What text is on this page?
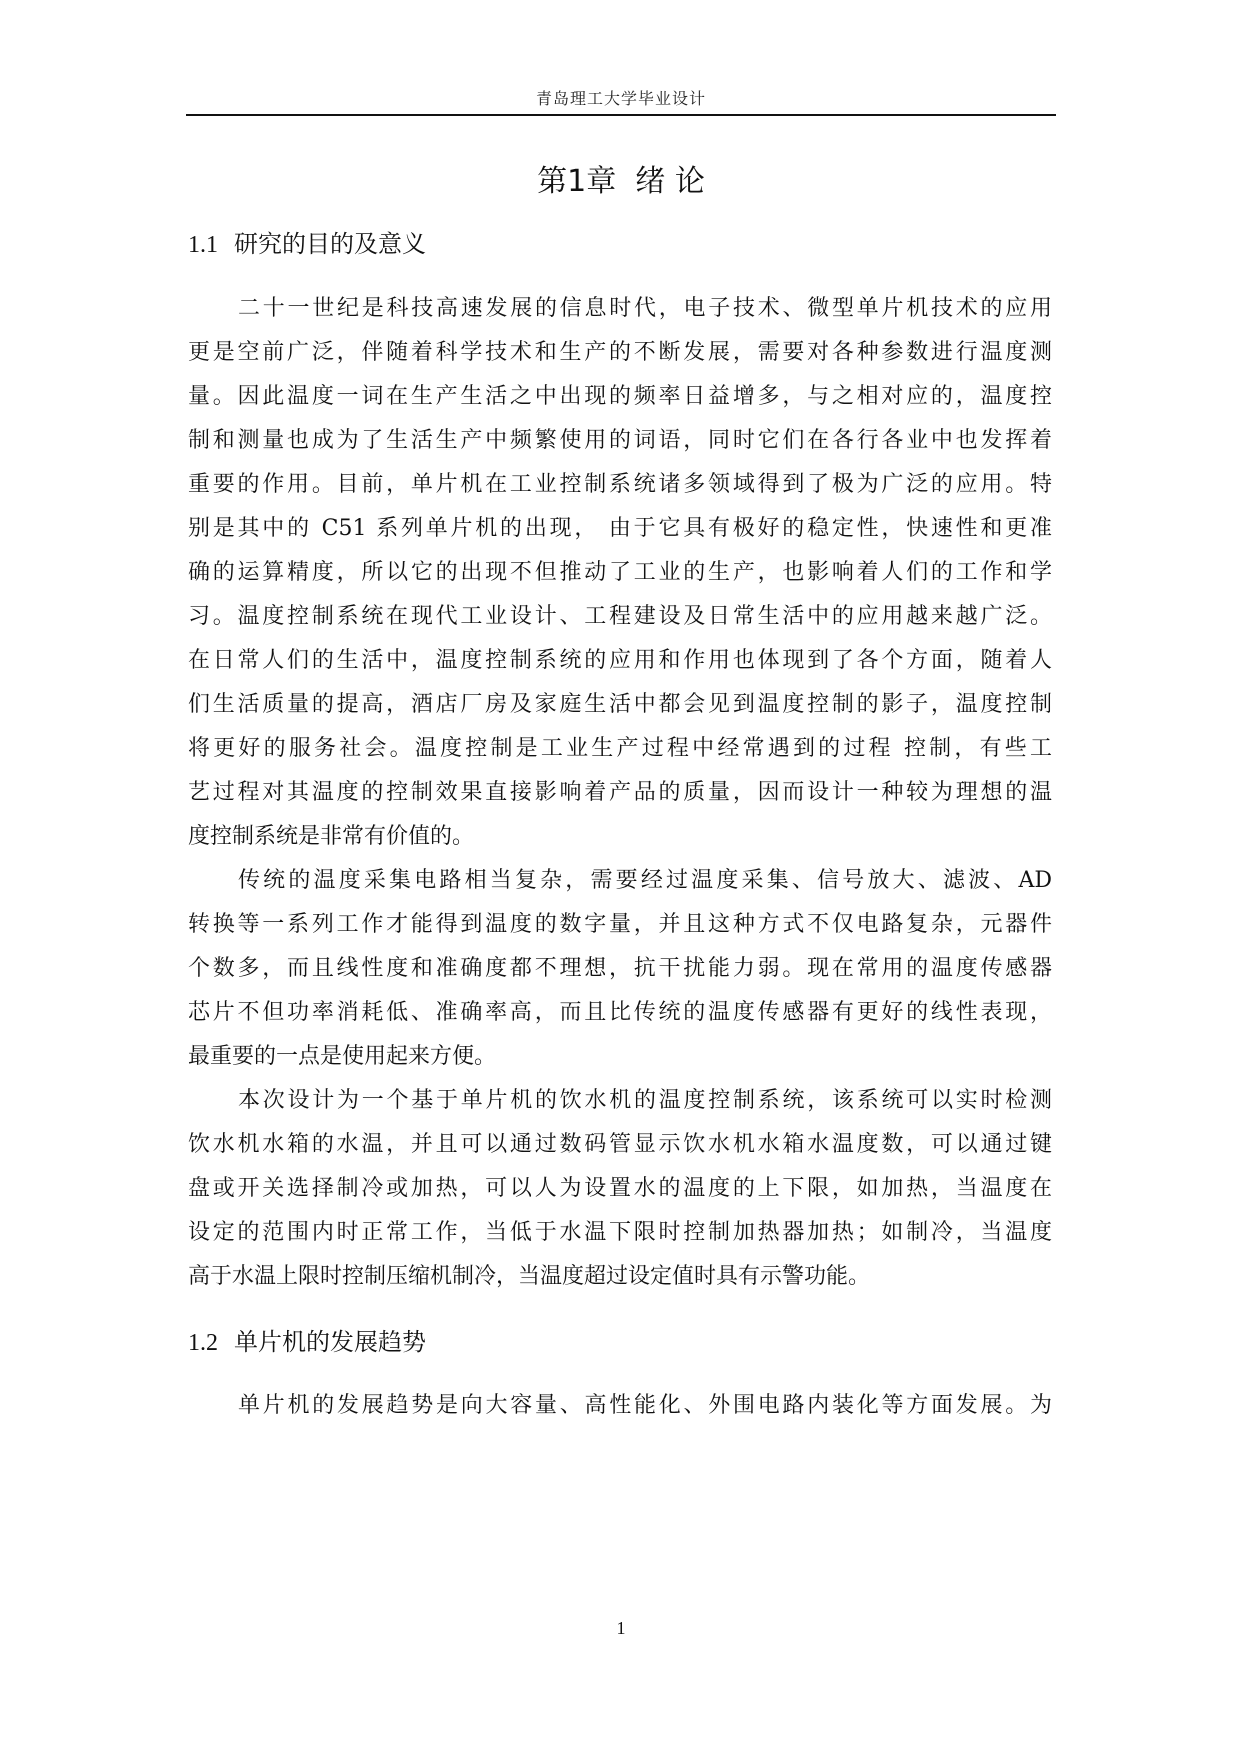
青岛理工大学毕业设计
第1章  绪 论
1.1 研究的目的及意义
二十一世纪是科技高速发展的信息时代，电子技术、微型单片机技术的应用
更是空前广泛，伴随着科学技术和生产的不断发展，需要对各种参数进行温度测
量。因此温度一词在生产生活之中出现的频率日益增多，与之相对应的，温度控
制和测量也成为了生活生产中频繁使用的词语，同时它们在各行各业中也发挥着
重要的作用。目前，单片机在工业控制系统诸多领域得到了极为广泛的应用。特
别是其中的 C51 系列单片机的出现， 由于它具有极好的稳定性，快速性和更准
确的运算精度，所以它的出现不但推动了工业的生产，也影响着人们的工作和学
习。温度控制系统在现代工业设计、工程建设及日常生活中的应用越来越广泛。
在日常人们的生活中，温度控制系统的应用和作用也体现到了各个方面，随着人
们生活质量的提高，酒店厂房及家庭生活中都会见到温度控制的影子，温度控制
将更好的服务社会。温度控制是工业生产过程中经常遇到的过程 控制，有些工
艺过程对其温度的控制效果直接影响着产品的质量，因而设计一种较为理想的温
度控制系统是非常有价值的。
传统的温度采集电路相当复杂，需要经过温度采集、信号放大、滤波、AD
转换等一系列工作才能得到温度的数字量，并且这种方式不仅电路复杂，元器件
个数多，而且线性度和准确度都不理想，抗干扰能力弱。现在常用的温度传感器
芯片不但功率消耗低、准确率高，而且比传统的温度传感器有更好的线性表现，
最重要的一点是使用起来方便。
本次设计为一个基于单片机的饮水机的温度控制系统，该系统可以实时检测
饮水机水箱的水温，并且可以通过数码管显示饮水机水箱水温度数，可以通过键
盘或开关选择制冷或加热，可以人为设置水的温度的上下限，如加热，当温度在
设定的范围内时正常工作，当低于水温下限时控制加热器加热；如制冷，当温度
高于水温上限时控制压缩机制冷，当温度超过设定值时具有示警功能。
1.2 单片机的发展趋势
单片机的发展趋势是向大容量、高性能化、外围电路内装化等方面发展。为
1
